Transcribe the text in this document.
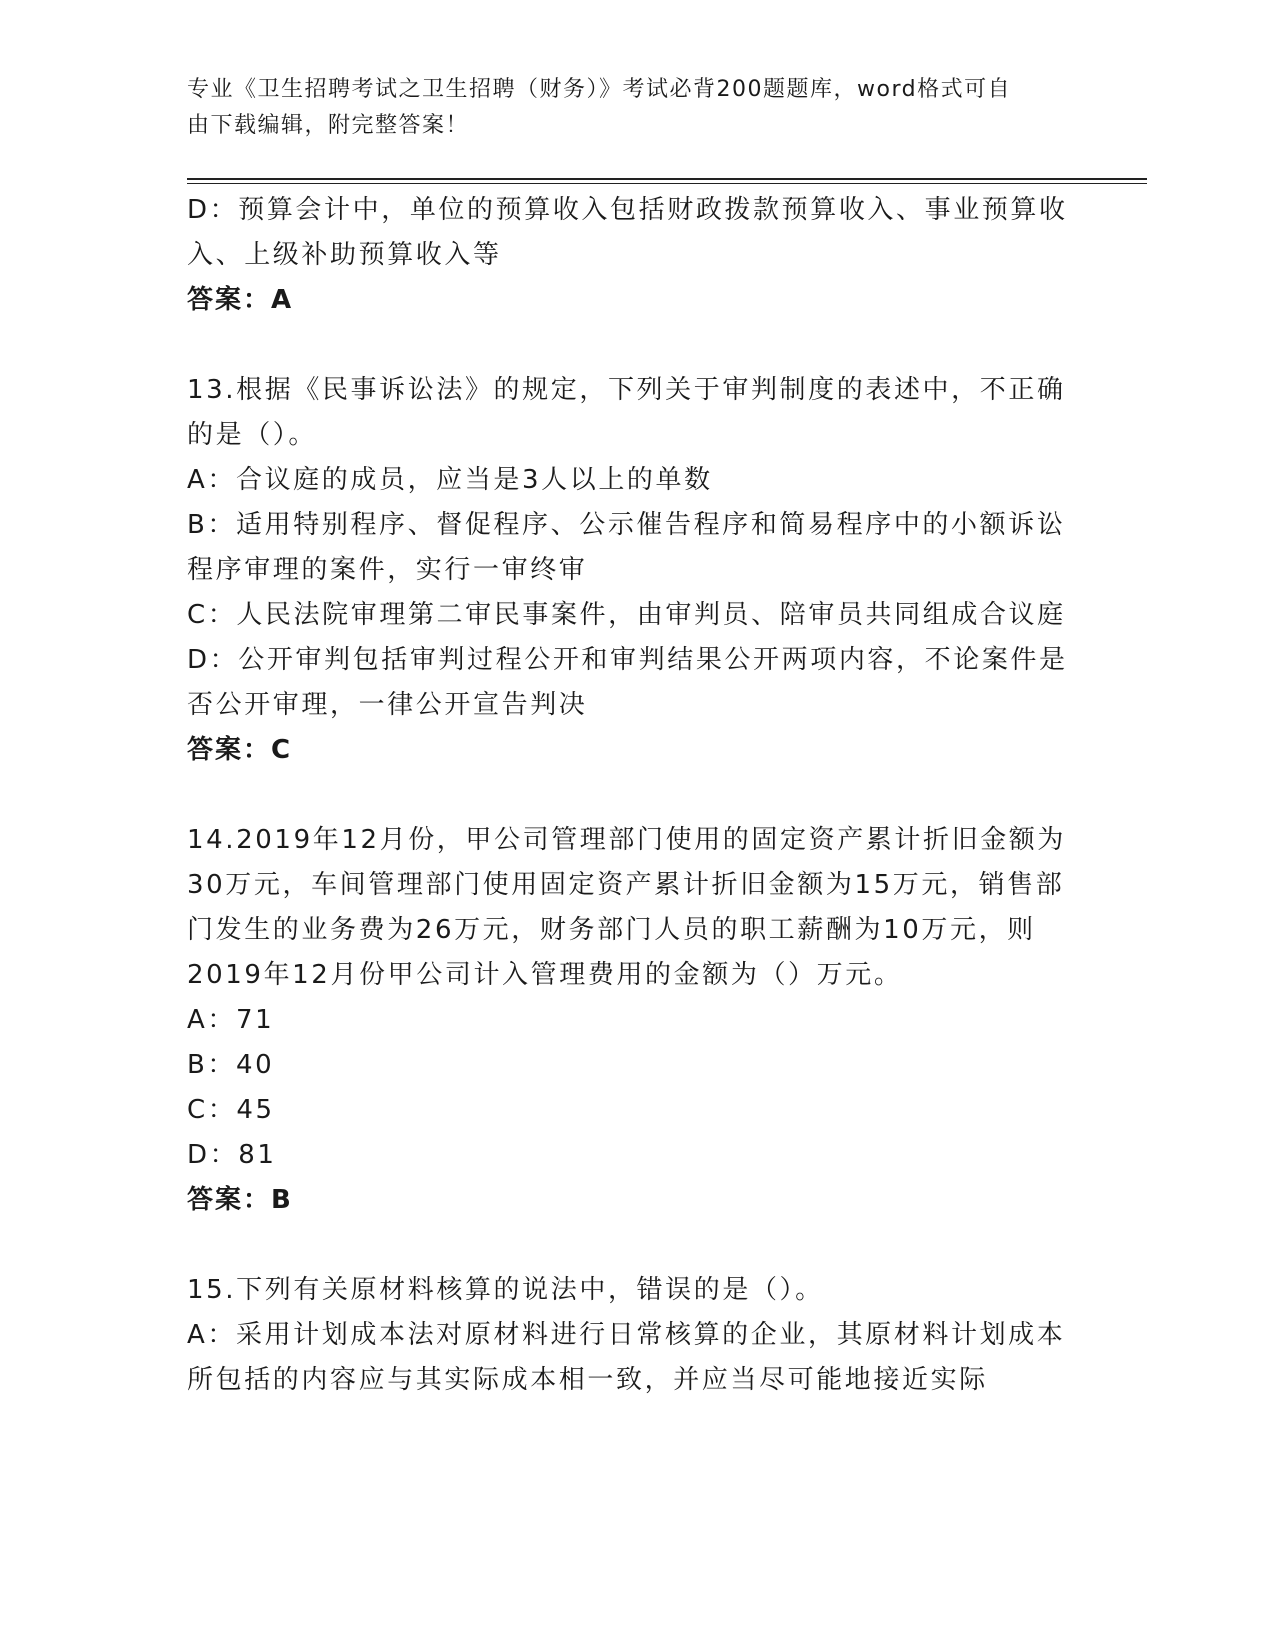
专业《卫生招聘考试之卫生招聘（财务）》考试必背200题题库，word格式可自
由下载编辑，附完整答案！

D：预算会计中，单位的预算收入包括财政拨款预算收入、事业预算收

入、上级补助预算收入等

答案：A

13.根据《民事诉讼法》的规定，下列关于审判制度的表述中，不正确

的是（）。

A：合议庭的成员，应当是3人以上的单数

B：适用特别程序、督促程序、公示催告程序和简易程序中的小额诉讼

程序审理的案件，实行一审终审

C：人民法院审理第二审民事案件，由审判员、陪审员共同组成合议庭

D：公开审判包括审判过程公开和审判结果公开两项内容，不论案件是

否公开审理，一律公开宣告判决

答案：C

14.2019年12月份，甲公司管理部门使用的固定资产累计折旧金额为

30万元，车间管理部门使用固定资产累计折旧金额为15万元，销售部

门发生的业务费为26万元，财务部门人员的职工薪酬为10万元，则

2019年12月份甲公司计入管理费用的金额为（）万元。

A：71

B：40

C：45

D：81

答案：B

15.下列有关原材料核算的说法中，错误的是（）。

A：采用计划成本法对原材料进行日常核算的企业，其原材料计划成本

所包括的内容应与其实际成本相一致，并应当尽可能地接近实际
